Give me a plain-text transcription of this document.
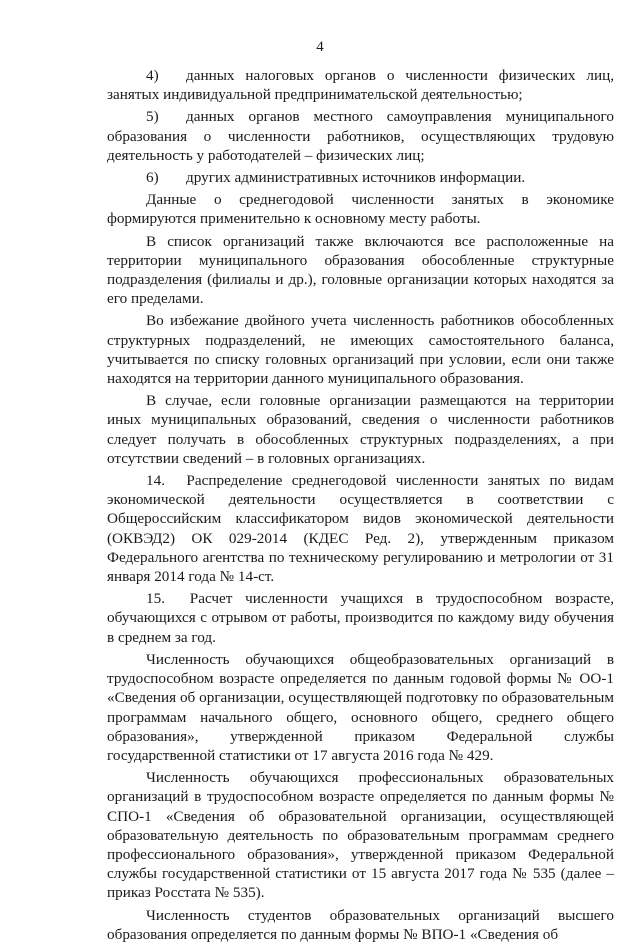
4

4) данных налоговых органов о численности физических лиц, занятых индивидуальной предпринимательской деятельностью;

5) данных органов местного самоуправления муниципального образования о численности работников, осуществляющих трудовую деятельность у работодателей – физических лиц;

6) других административных источников информации.

Данные о среднегодовой численности занятых в экономике формируются применительно к основному месту работы.

В список организаций также включаются все расположенные на территории муниципального образования обособленные структурные подразделения (филиалы и др.), головные организации которых находятся за его пределами.

Во избежание двойного учета численность работников обособленных структурных подразделений, не имеющих самостоятельного баланса, учитывается по списку головных организаций при условии, если они также находятся на территории данного муниципального образования.

В случае, если головные организации размещаются на территории иных муниципальных образований, сведения о численности работников следует получать в обособленных структурных подразделениях, а при отсутствии сведений – в головных организациях.

14. Распределение среднегодовой численности занятых по видам экономической деятельности осуществляется в соответствии с Общероссийским классификатором видов экономической деятельности (ОКВЭД2) ОК 029-2014 (КДЕС Ред. 2), утвержденным приказом Федерального агентства по техническому регулированию и метрологии от 31 января 2014 года № 14-ст.

15. Расчет численности учащихся в трудоспособном возрасте, обучающихся с отрывом от работы, производится по каждому виду обучения в среднем за год.

Численность обучающихся общеобразовательных организаций в трудоспособном возрасте определяется по данным годовой формы № ОО-1 «Сведения об организации, осуществляющей подготовку по образовательным программам начального общего, основного общего, среднего общего образования», утвержденной приказом Федеральной службы государственной статистики от 17 августа 2016 года № 429.

Численность обучающихся профессиональных образовательных организаций в трудоспособном возрасте определяется по данным формы № СПО-1 «Сведения об образовательной организации, осуществляющей образовательную деятельность по образовательным программам среднего профессионального образования», утвержденной приказом Федеральной службы государственной статистики от 15 августа 2017 года № 535 (далее – приказ Росстата № 535).

Численность студентов образовательных организаций высшего образования определяется по данным формы № ВПО-1 «Сведения об
